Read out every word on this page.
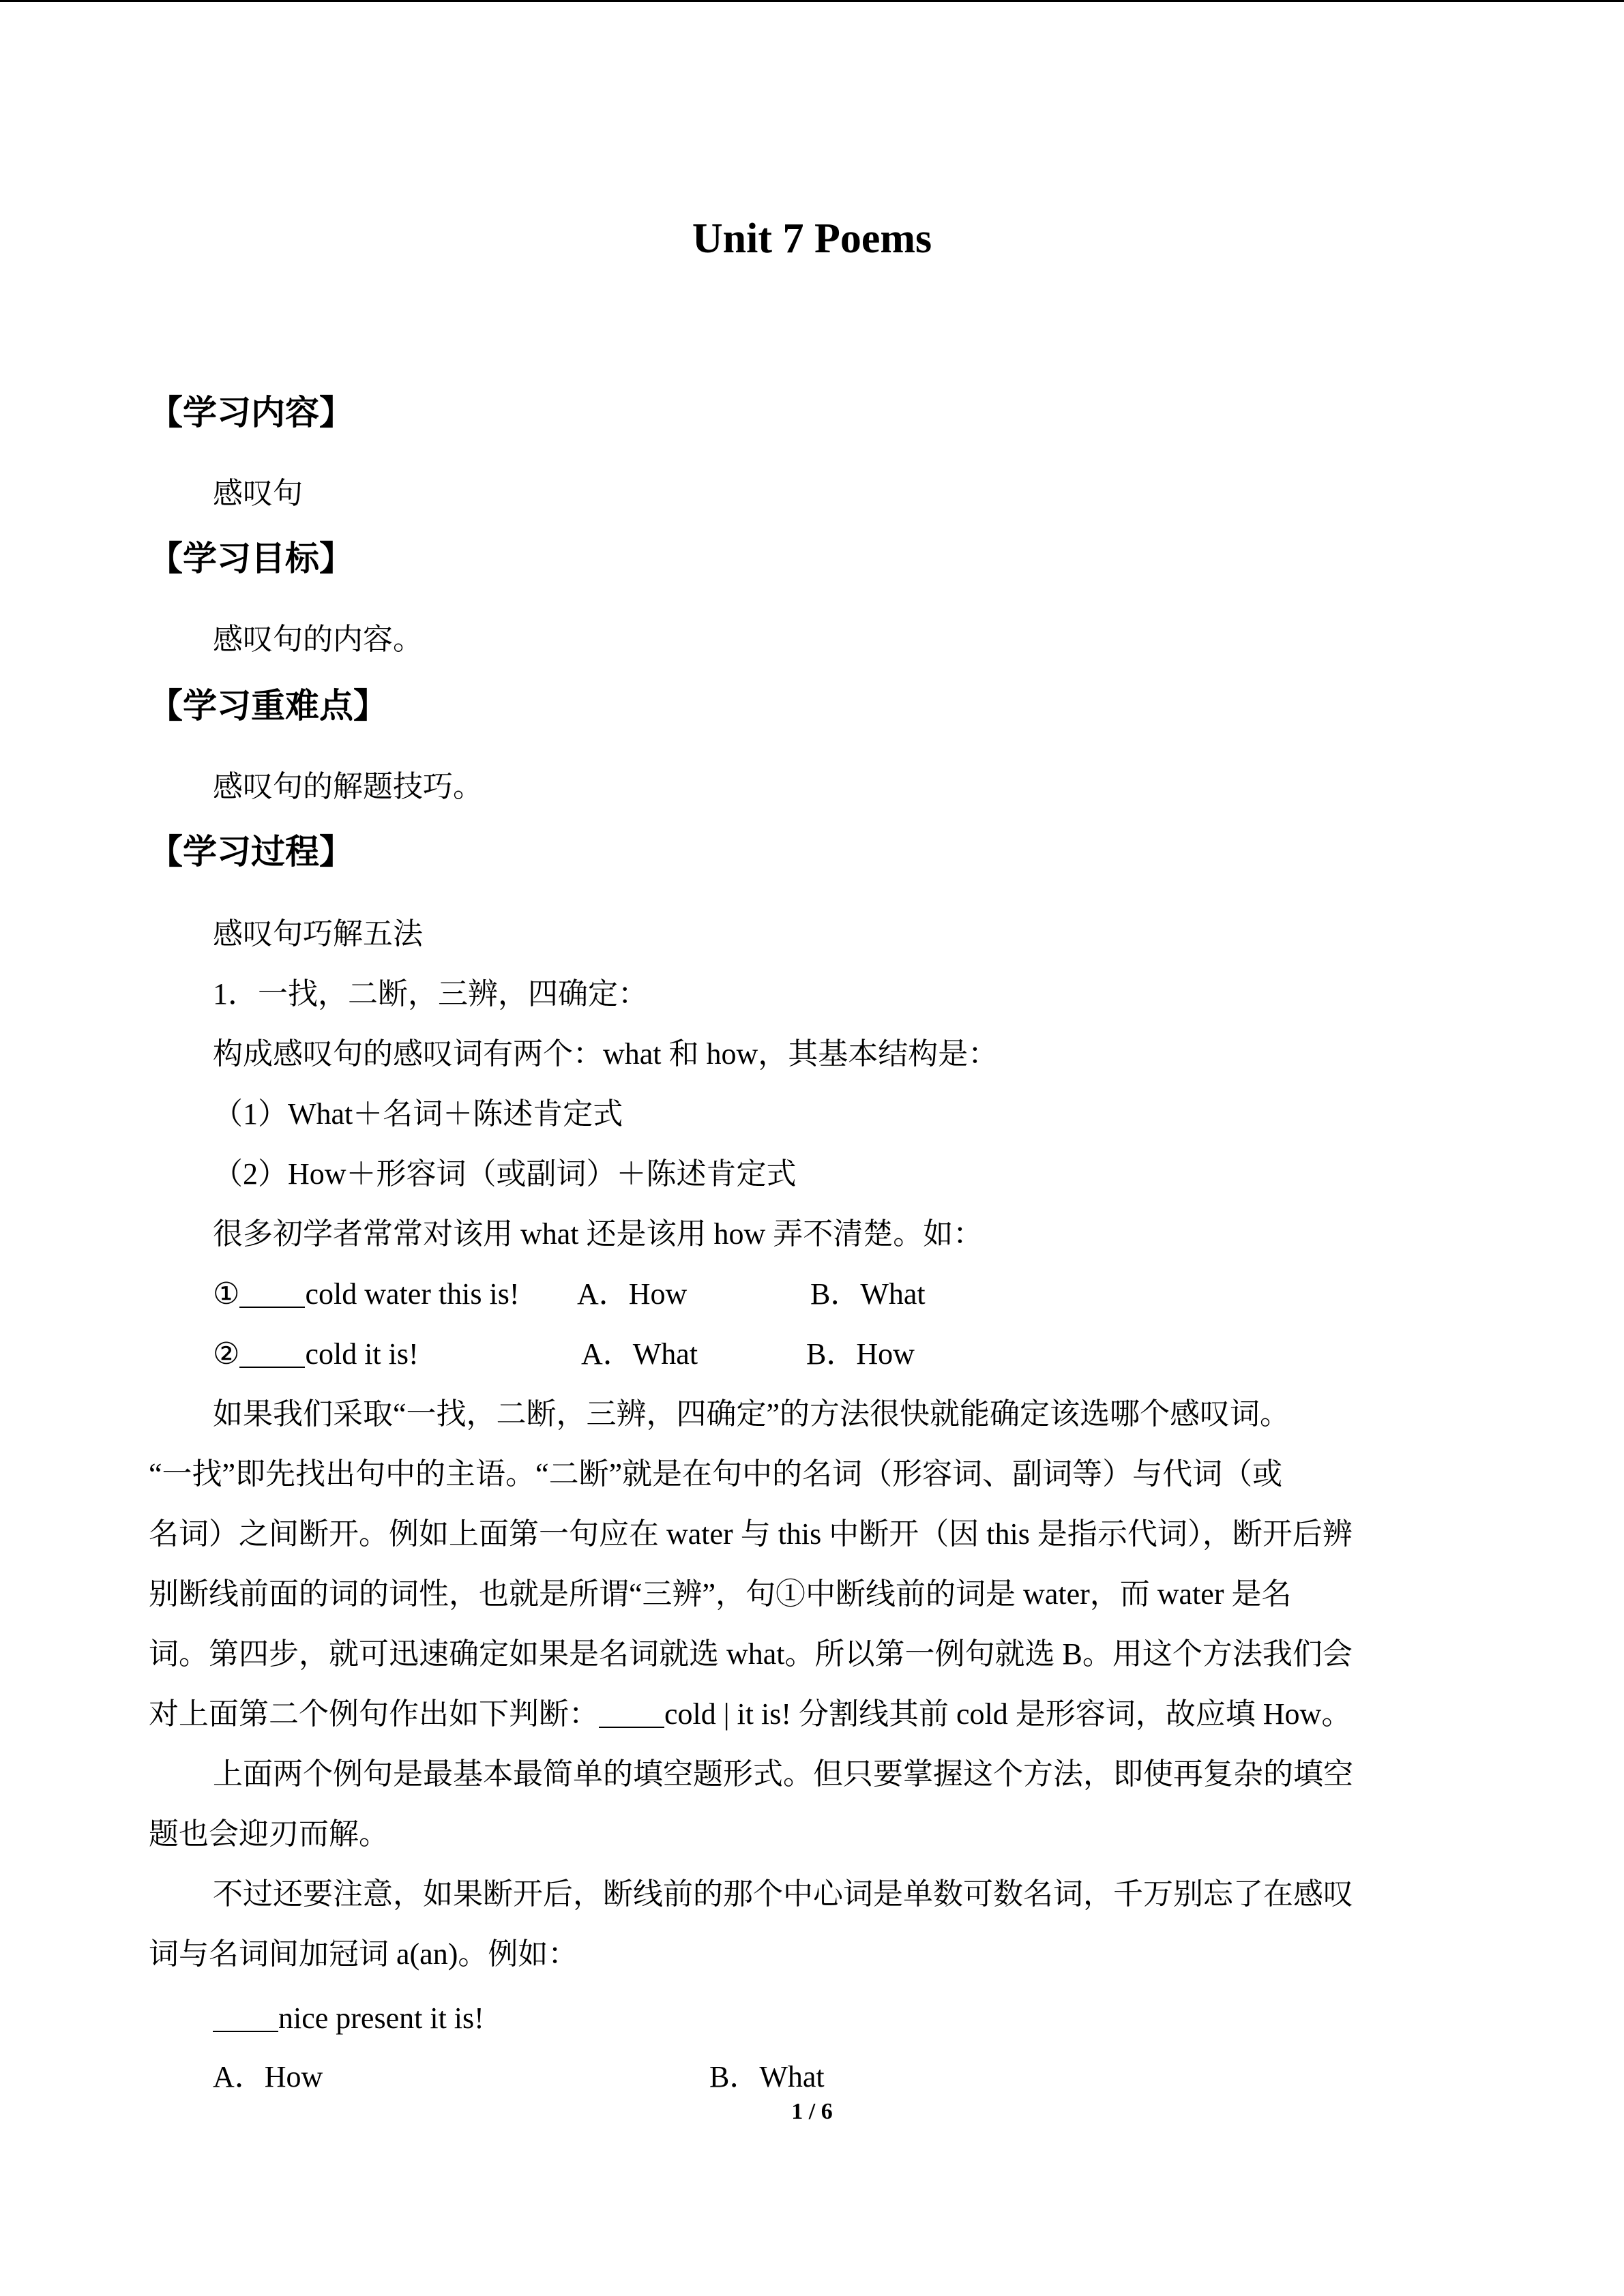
Unit 7 Poems
【学习内容】
感叹句
【学习目标】
感叹句的内容。
【学习重难点】
感叹句的解题技巧。
【学习过程】
感叹句巧解五法
1．一找，二断，三辨，四确定：
构成感叹句的感叹词有两个：what 和 how，其基本结构是：
（1）What＋名词＋陈述肯定式
（2）How＋形容词（或副词）＋陈述肯定式
很多初学者常常对该用 what 还是该用 how 弄不清楚。如：
① cold water this is! A．How	B．What
② cold it is!	A．What	B．How
如果我们采取“一找，二断，三辨，四确定”的方法很快就能确定该选哪个感叹词。
“一找”即先找出句中的主语。“二断”就是在句中的名词（形容词、副词等）与代词（或
名词）之间断开。例如上面第一句应在 water 与 this 中断开（因 this 是指示代词），断开后辨
别断线前面的词的词性，也就是所谓“三辨”，句①中断线前的词是 water，而 water 是名
词。第四步，就可迅速确定如果是名词就选 what。所以第一例句就选 B。用这个方法我们会
对上面第二个例句作出如下判断： cold | it is! 分割线其前 cold 是形容词，故应填 How。
上面两个例句是最基本最简单的填空题形式。但只要掌握这个方法，即使再复杂的填空
题也会迎刃而解。
不过还要注意，如果断开后，断线前的那个中心词是单数可数名词，千万别忘了在感叹
词与名词间加冠词 a(an)。例如：
nice present it is!
A．How	B．What
1 / 6
